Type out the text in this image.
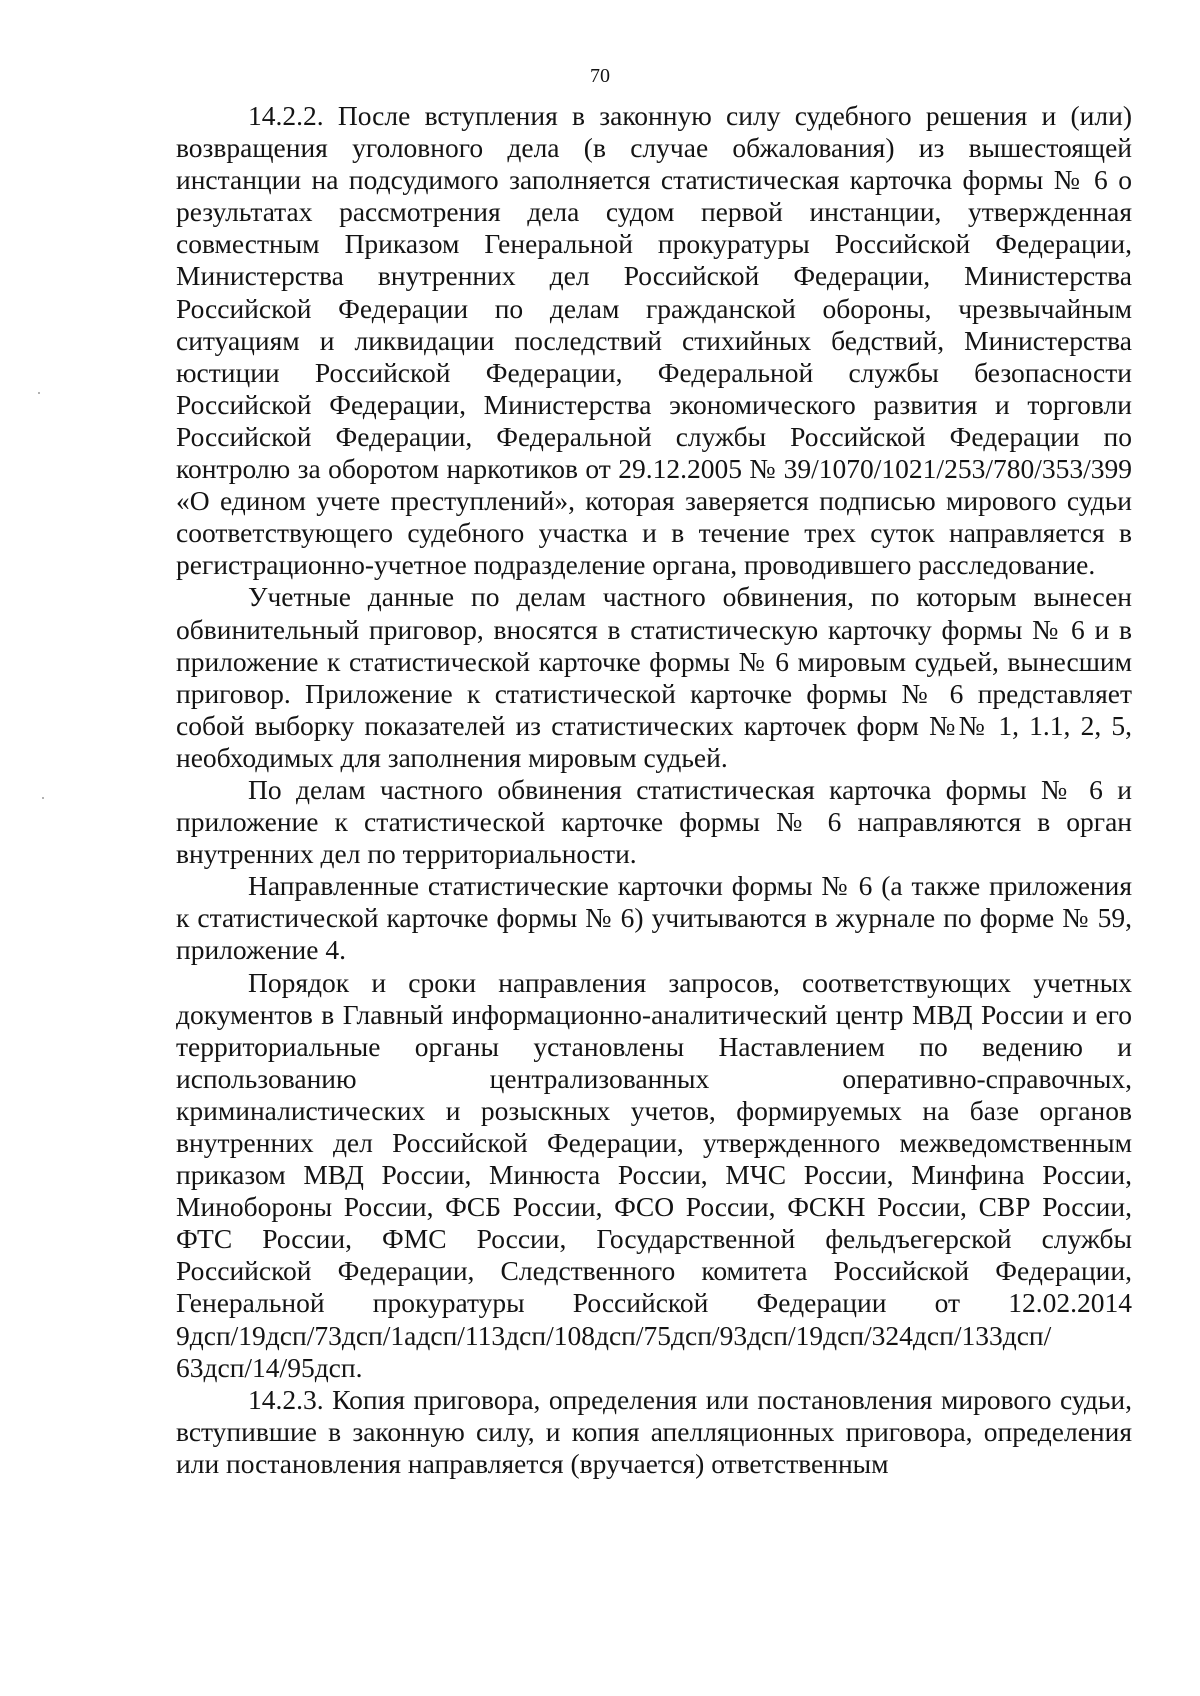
70

14.2.2. После вступления в законную силу судебного решения и (или) возвращения уголовного дела (в случае обжалования) из вышестоящей инстанции на подсудимого заполняется статистическая карточка формы № 6 о результатах рассмотрения дела судом первой инстанции, утвержденная совместным Приказом Генеральной прокуратуры Российской Федерации, Министерства внутренних дел Российской Федерации, Министерства Российской Федерации по делам гражданской обороны, чрезвычайным ситуациям и ликвидации последствий стихийных бедствий, Министерства юстиции Российской Федерации, Федеральной службы безопасности Российской Федерации, Министерства экономического развития и торговли Российской Федерации, Федеральной службы Российской Федерации по контролю за оборотом наркотиков от 29.12.2005 № 39/1070/1021/253/780/353/399 «О едином учете преступлений», которая заверяется подписью мирового судьи соответствующего судебного участка и в течение трех суток направляется в регистрационно-учетное подразделение органа, проводившего расследование.

Учетные данные по делам частного обвинения, по которым вынесен обвинительный приговор, вносятся в статистическую карточку формы № 6 и в приложение к статистической карточке формы № 6 мировым судьей, вынесшим приговор. Приложение к статистической карточке формы № 6 представляет собой выборку показателей из статистических карточек форм №№ 1, 1.1, 2, 5, необходимых для заполнения мировым судьей.

По делам частного обвинения статистическая карточка формы № 6 и приложение к статистической карточке формы № 6 направляются в орган внутренних дел по территориальности.

Направленные статистические карточки формы № 6 (а также приложения к статистической карточке формы № 6) учитываются в журнале по форме № 59, приложение 4.

Порядок и сроки направления запросов, соответствующих учетных документов в Главный информационно-аналитический центр МВД России и его территориальные органы установлены Наставлением по ведению и использованию централизованных оперативно-справочных, криминалистических и розыскных учетов, формируемых на базе органов внутренних дел Российской Федерации, утвержденного межведомственным приказом МВД России, Минюста России, МЧС России, Минфина России, Минобороны России, ФСБ России, ФСО России, ФСКН России, СВР России, ФТС России, ФМС России, Государственной фельдъегерской службы Российской Федерации, Следственного комитета Российской Федерации, Генеральной прокуратуры Российской Федерации от 12.02.2014 9дсп/19дсп/73дсп/1адсп/113дсп/108дсп/75дсп/93дсп/19дсп/324дсп/133дсп/ 63дсп/14/95дсп.

14.2.3. Копия приговора, определения или постановления мирового судьи, вступившие в законную силу, и копия апелляционных приговора, определения или постановления направляется (вручается) ответственным
